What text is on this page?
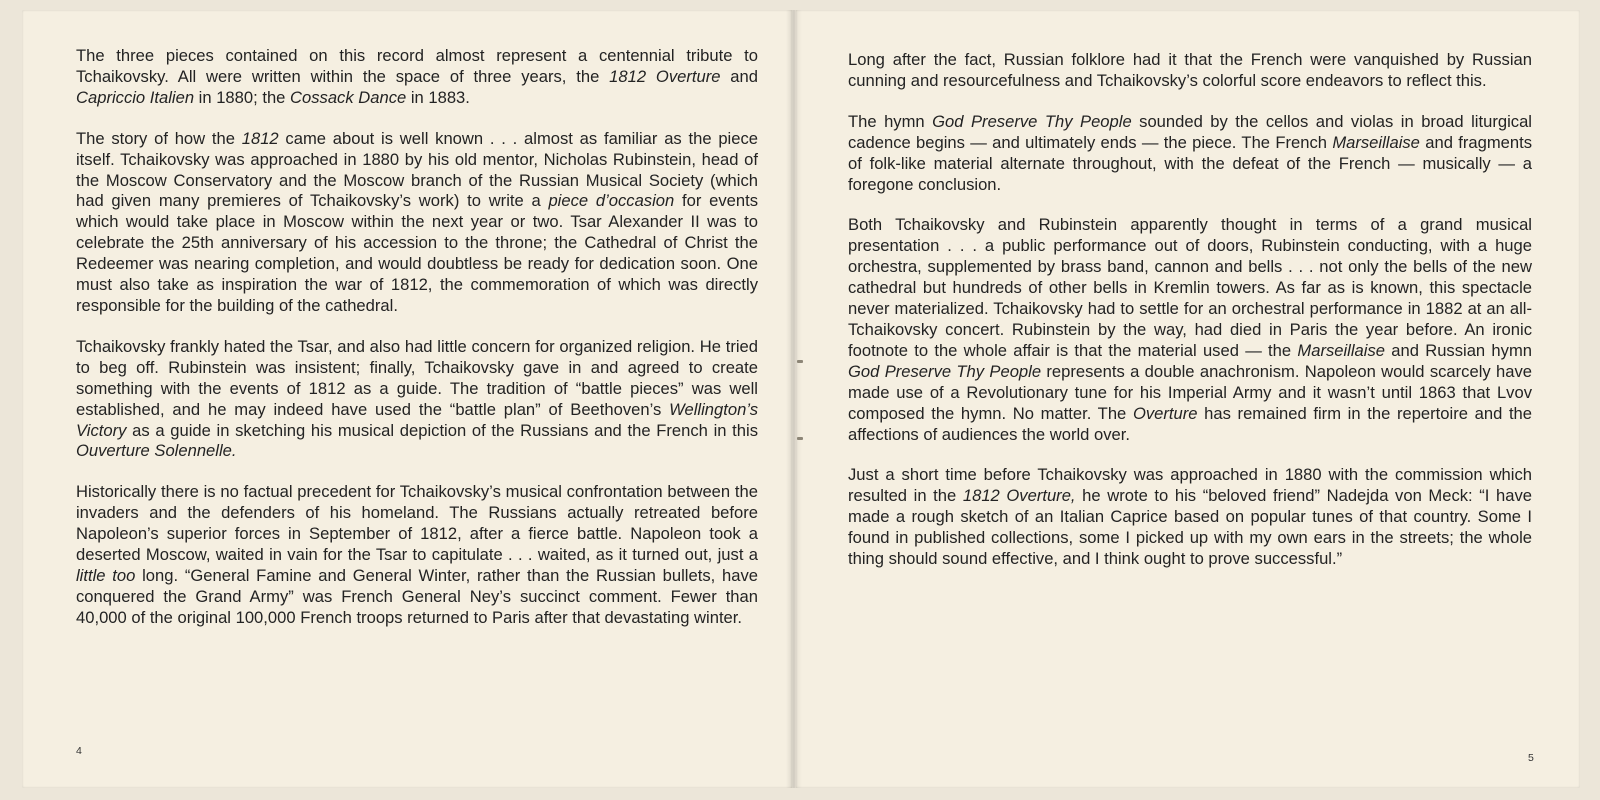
The three pieces contained on this record almost represent a centennial tribute to Tchaikovsky. All were written within the space of three years, the 1812 Overture and Capriccio Italien in 1880; the Cossack Dance in 1883.

The story of how the 1812 came about is well known . . . almost as familiar as the piece itself. Tchaikovsky was approached in 1880 by his old mentor, Nicholas Rubinstein, head of the Moscow Conservatory and the Moscow branch of the Russian Musical Society (which had given many premieres of Tchaikovsky’s work) to write a piece d’occasion for events which would take place in Moscow within the next year or two. Tsar Alexander II was to celebrate the 25th anniversary of his accession to the throne; the Cathedral of Christ the Redeemer was nearing completion, and would doubtless be ready for dedication soon. One must also take as inspiration the war of 1812, the commemoration of which was directly responsible for the building of the cathedral.

Tchaikovsky frankly hated the Tsar, and also had little concern for organized religion. He tried to beg off. Rubinstein was insistent; finally, Tchaikovsky gave in and agreed to create something with the events of 1812 as a guide. The tradition of “battle pieces” was well established, and he may indeed have used the “battle plan” of Beethoven’s Wellington’s Victory as a guide in sketching his musical depiction of the Russians and the French in this Ouverture Solennelle.

Historically there is no factual precedent for Tchaikovsky’s musical confrontation between the invaders and the defenders of his homeland. The Russians actually retreated before Napoleon’s superior forces in September of 1812, after a fierce battle. Napoleon took a deserted Moscow, waited in vain for the Tsar to capitulate . . . waited, as it turned out, just a little too long. “General Famine and General Winter, rather than the Russian bullets, have conquered the Grand Army” was French General Ney’s succinct comment. Fewer than 40,000 of the original 100,000 French troops returned to Paris after that devastating winter.

Long after the fact, Russian folklore had it that the French were vanquished by Russian cunning and resourcefulness and Tchaikovsky’s colorful score endeavors to reflect this.

The hymn God Preserve Thy People sounded by the cellos and violas in broad liturgical cadence begins — and ultimately ends — the piece. The French Marseillaise and fragments of folk-like material alternate throughout, with the defeat of the French — musically — a foregone conclusion.

Both Tchaikovsky and Rubinstein apparently thought in terms of a grand musical presentation . . . a public performance out of doors, Rubinstein conducting, with a huge orchestra, supplemented by brass band, cannon and bells . . . not only the bells of the new cathedral but hundreds of other bells in Kremlin towers. As far as is known, this spectacle never materialized. Tchaikovsky had to settle for an orchestral performance in 1882 at an all-Tchaikovsky concert. Rubinstein by the way, had died in Paris the year before. An ironic footnote to the whole affair is that the material used — the Marseillaise and Russian hymn God Preserve Thy People represents a double anachronism. Napoleon would scarcely have made use of a Revolutionary tune for his Imperial Army and it wasn’t until 1863 that Lvov composed the hymn. No matter. The Overture has remained firm in the repertoire and the affections of audiences the world over.

Just a short time before Tchaikovsky was approached in 1880 with the commission which resulted in the 1812 Overture, he wrote to his “beloved friend” Nadejda von Meck: “I have made a rough sketch of an Italian Caprice based on popular tunes of that country. Some I found in published collections, some I picked up with my own ears in the streets; the whole thing should sound effective, and I think ought to prove successful.”

4
5
